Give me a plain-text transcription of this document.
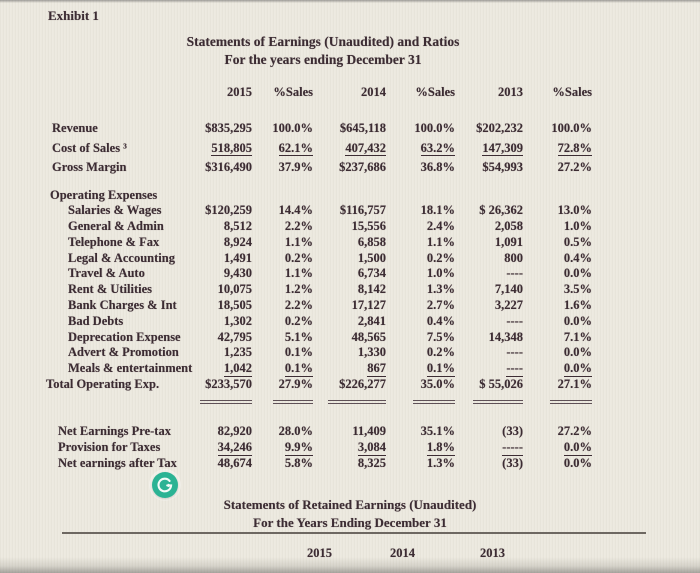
Exhibit 1
Statements of Earnings (Unaudited) and Ratios
For the years ending December 31
2015	%Sales	2014	%Sales	2013	%Sales
Revenue	$835,295	100.0%	$645,118	100.0%	$202,232	100.0%
Cost of Sales ³	518,805	62.1%	407,432	63.2%	147,309	72.8%
Gross Margin	$316,490	37.9%	$237,686	36.8%	$54,993	27.2%
Operating Expenses
Salaries & Wages	$120,259	14.4%	$116,757	18.1%	$ 26,362	13.0%
General & Admin	8,512	2.2%	15,556	2.4%	2,058	1.0%
Telephone & Fax	8,924	1.1%	6,858	1.1%	1,091	0.5%
Legal & Accounting	1,491	0.2%	1,500	0.2%	800	0.4%
Travel & Auto	9,430	1.1%	6,734	1.0%	----	0.0%
Rent & Utilities	10,075	1.2%	8,142	1.3%	7,140	3.5%
Bank Charges & Int	18,505	2.2%	17,127	2.7%	3,227	1.6%
Bad Debts	1,302	0.2%	2,841	0.4%	----	0.0%
Deprecation Expense	42,795	5.1%	48,565	7.5%	14,348	7.1%
Advert & Promotion	1,235	0.1%	1,330	0.2%	----	0.0%
Meals & entertainment	1,042	0.1%	867	0.1%	----	0.0%
Total Operating Exp.	$233,570	27.9%	$226,277	35.0%	$ 55,026	27.1%
Net Earnings Pre-tax	82,920	28.0%	11,409	35.1%	(33)	27.2%
Provision for Taxes	34,246	9.9%	3,084	1.8%	-----	0.0%
Net earnings after Tax	48,674	5.8%	8,325	1.3%	(33)	0.0%
Statements of Retained Earnings (Unaudited)
For the Years Ending December 31
2015	2014	2013
